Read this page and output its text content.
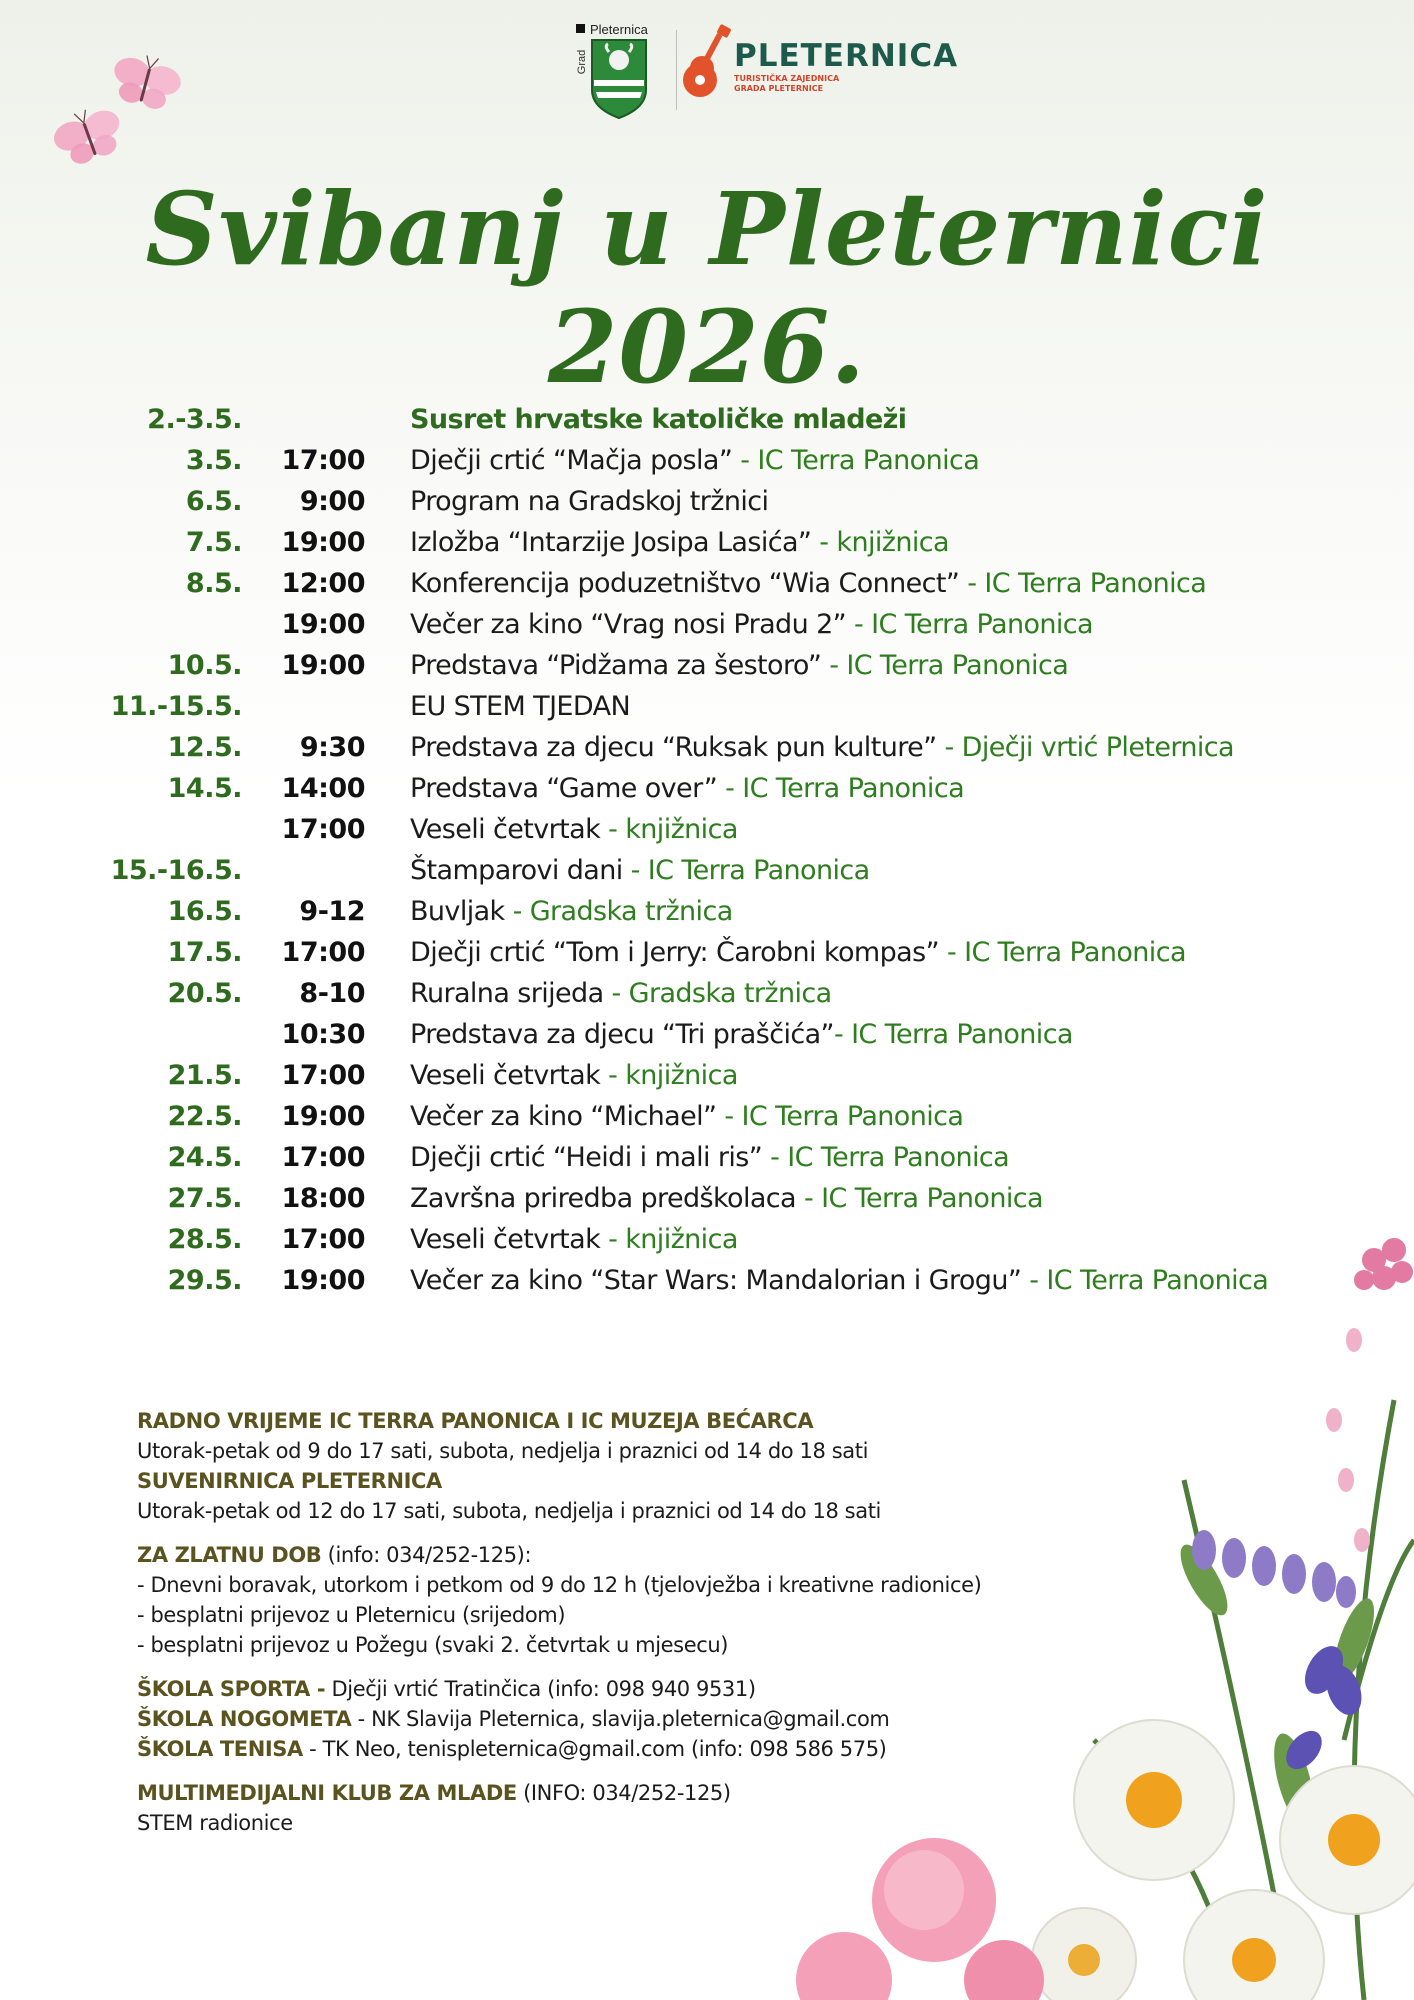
Pleternica
Grad	PLETERNICA
TURISTIČKA ZAJEDNICA
GRADA PLETERNICE
Svibanj u Pleternici 2026.
2.-3.5.	Susret hrvatske katoličke mladeži
3.5. 17:00 Dječji crtić “Mačja posla” - IC Terra Panonica
6.5. 9:00 Program na Gradskoj tržnici
7.5. 19:00 Izložba “Intarzije Josipa Lasića” - knjižnica
8.5. 12:00 Konferencija poduzetništvo “Wia Connect” - IC Terra Panonica
19:00 Večer za kino “Vrag nosi Pradu 2” - IC Terra Panonica
10.5. 19:00 Predstava “Pidžama za šestoro” - IC Terra Panonica
11.-15.5.	EU STEM TJEDAN
12.5. 9:30 Predstava za djecu “Ruksak pun kulture” - Dječji vrtić Pleternica
14.5. 14:00 Predstava “Game over” - IC Terra Panonica
17:00 Veseli četvrtak - knjižnica
15.-16.5.	Štamparovi dani - IC Terra Panonica
16.5. 9-12 Buvljak - Gradska tržnica
17.5. 17:00 Dječji crtić “Tom i Jerry: Čarobni kompas” - IC Terra Panonica
20.5. 8-10 Ruralna srijeda - Gradska tržnica
10:30 Predstava za djecu “Tri praščića”- IC Terra Panonica
21.5. 17:00 Veseli četvrtak - knjižnica
22.5. 19:00 Večer za kino “Michael” - IC Terra Panonica
24.5. 17:00 Dječji crtić “Heidi i mali ris” - IC Terra Panonica
27.5. 18:00 Završna priredba predškolaca - IC Terra Panonica
28.5. 17:00 Veseli četvrtak - knjižnica
29.5. 19:00 Večer za kino “Star Wars: Mandalorian i Grogu” - IC Terra Panonica
RADNO VRIJEME IC TERRA PANONICA I IC MUZEJA BEĆARCA
Utorak-petak od 9 do 17 sati, subota, nedjelja i praznici od 14 do 18 sati
SUVENIRNICA PLETERNICA
Utorak-petak od 12 do 17 sati, subota, nedjelja i praznici od 14 do 18 sati
ZA ZLATNU DOB (info: 034/252-125):
- Dnevni boravak, utorkom i petkom od 9 do 12 h (tjelovježba i kreativne radionice)
- besplatni prijevoz u Pleternicu (srijedom)
- besplatni prijevoz u Požegu (svaki 2. četvrtak u mjesecu)
ŠKOLA SPORTA - Dječji vrtić Tratinčica (info: 098 940 9531)
ŠKOLA NOGOMETA - NK Slavija Pleternica, slavija.pleternica@gmail.com
ŠKOLA TENISA - TK Neo, tenispleternica@gmail.com (info: 098 586 575)
MULTIMEDIJALNI KLUB ZA MLADE (INFO: 034/252-125)
STEM radionice
